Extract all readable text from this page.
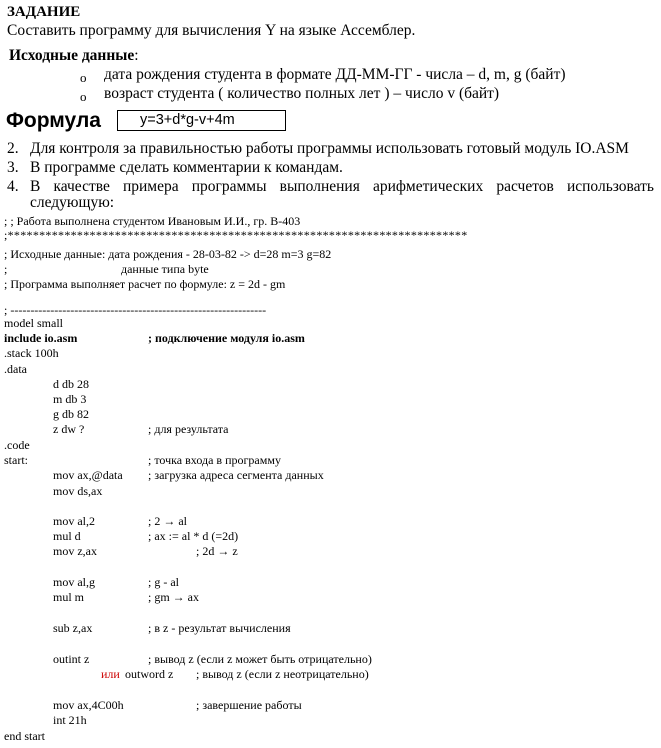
ЗАДАНИЕ
Составить программу для вычисления Y на языке Ассемблер.
Исходные данные:
o дата рождения студента в формате ДД-ММ-ГГ - числа – d, m, g (байт)
o возраст студента ( количество полных лет ) – число v (байт)
Формула	y=3+d*g-v+4m
2. Для контроля за правильностью работы программы использовать готовый модуль IO.ASM
3. В программе сделать комментарии к командам.
4. В качестве примера программы выполнения арифметических расчетов использовать
следующую:
; ; Работа выполнена студентом Ивановым И.И., гр. В-403
;*************************************************************************
; Исходные данные: дата рождения - 28-03-82 -> d=28 m=3 g=82
;	данные типа byte
; Программа выполняет расчет по формуле: z = 2d - gm
; ----------------------------------------------------------------
model small
include io.asm	; подключение модуля io.asm
.stack 100h
.data
d db 28
m db 3
g db 82
z dw ?	; для результата
.code
start:	; точка входа в программу
mov ax,@data ; загрузка адреса сегмента данных
mov ds,ax
mov al,2	; 2 → al
mul d	; ax := al * d (=2d)
mov z,ax	; 2d → z
mov al,g	; g - al
mul m	; gm → ax
sub z,ax	; в z - результат вычисления
outint z	; вывод z (если z может быть отрицательно)
или outword z ; вывод z (если z неотрицательно)
mov ax,4C00h	; завершение работы
int 21h
end start
